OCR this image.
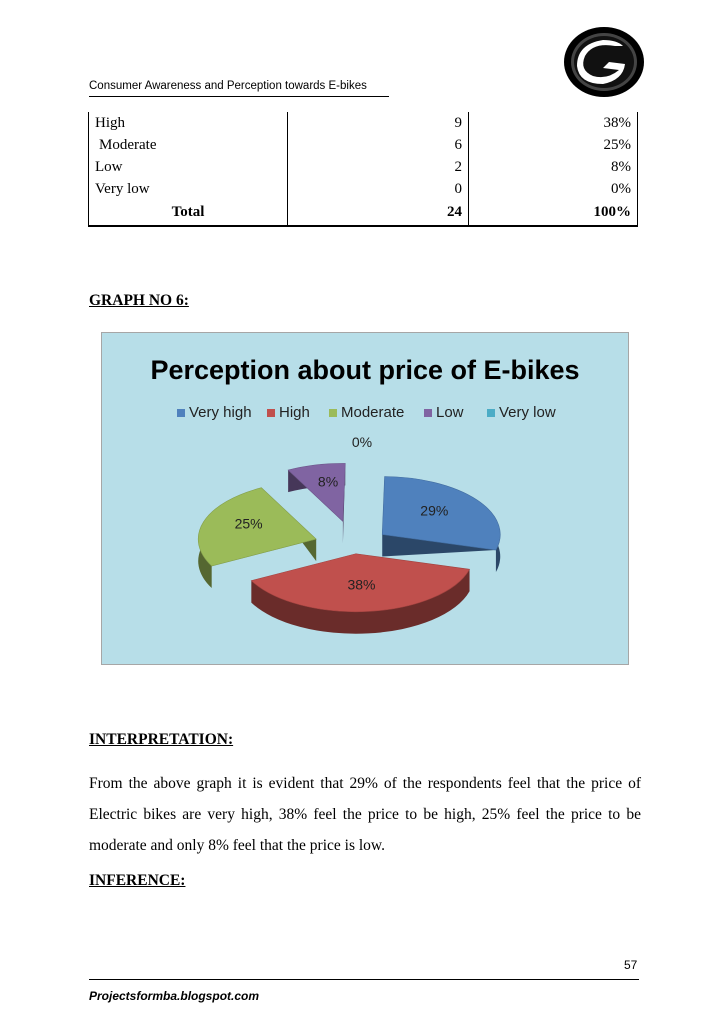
Consumer Awareness and Perception towards E-bikes
High	9	38%
Moderate	6	25%
Low	2	8%
Very low	0	0%
Total	24	100%
GRAPH NO 6:
Perception about price of E-bikes
Very high High Moderate Low Very low
29%
38%
25%
8%
0%
INTERPRETATION:
From the above graph it is evident that 29% of the respondents feel that the price of Electric bikes are very high, 38% feel the price to be high, 25% feel the price to be moderate and only 8% feel that the price is low.
INFERENCE:
57
Projectsformba.blogspot.com
